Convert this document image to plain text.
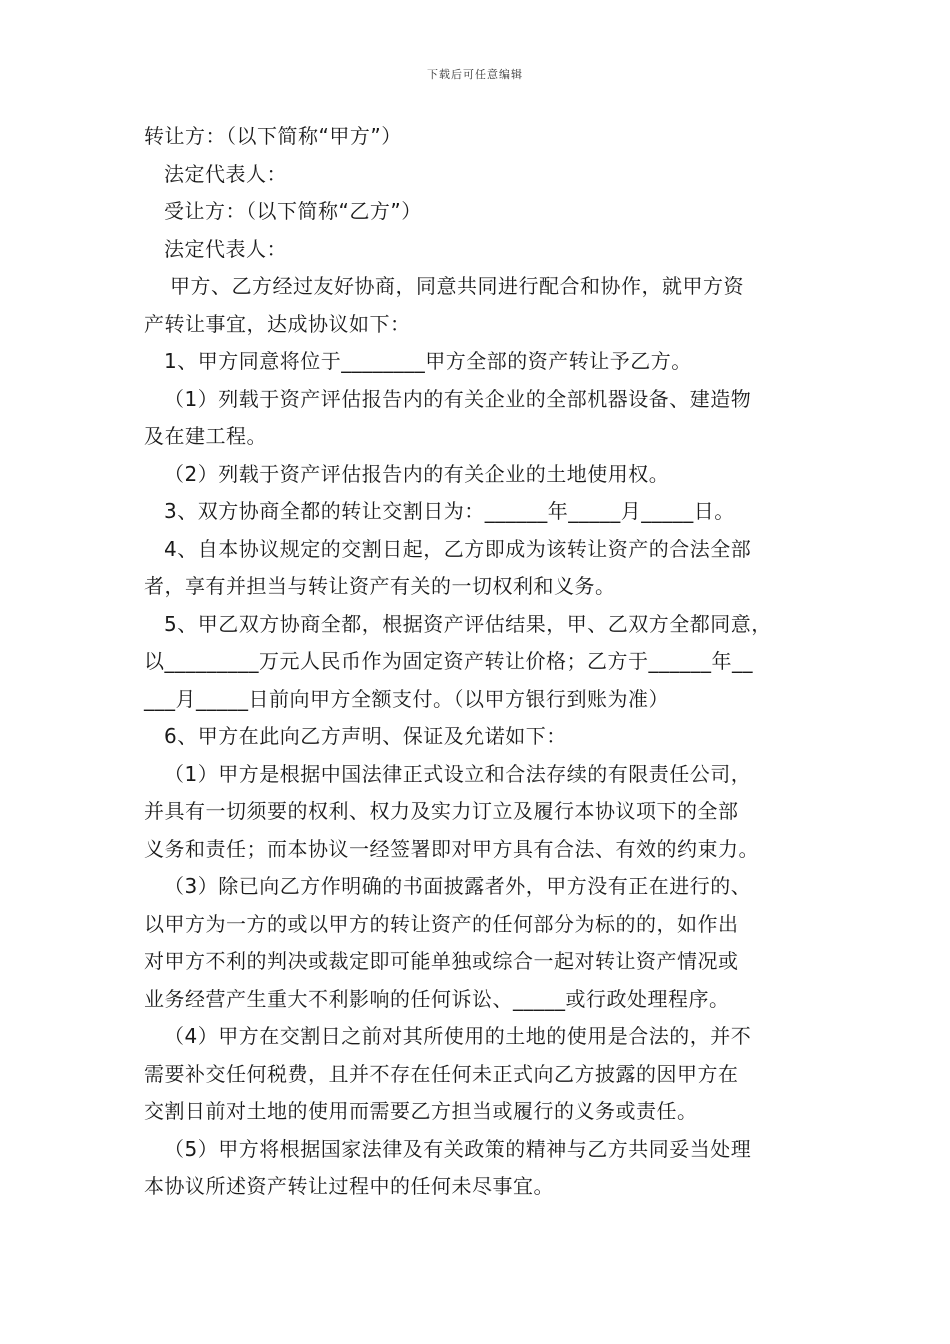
下载后可任意编辑
转让方：（以下简称“甲方”）
法定代表人：
受让方：（以下简称“乙方”）
法定代表人：
甲方、乙方经过友好协商，同意共同进行配合和协作，就甲方资
产转让事宜，达成协议如下：
1、甲方同意将位于________甲方全部的资产转让予乙方。
（1）列载于资产评估报告内的有关企业的全部机器设备、建造物
及在建工程。
（2）列载于资产评估报告内的有关企业的土地使用权。
3、双方协商全都的转让交割日为：______年_____月_____日。
4、自本协议规定的交割日起，乙方即成为该转让资产的合法全部
者，享有并担当与转让资产有关的一切权利和义务。
5、甲乙双方协商全都，根据资产评估结果，甲、乙双方全都同意，
以_________万元人民币作为固定资产转让价格；乙方于______年__
___月_____日前向甲方全额支付。（以甲方银行到账为准）
6、甲方在此向乙方声明、保证及允诺如下：
（1）甲方是根据中国法律正式设立和合法存续的有限责任公司，
并具有一切须要的权利、权力及实力订立及履行本协议项下的全部
义务和责任；而本协议一经签署即对甲方具有合法、有效的约束力。
（3）除已向乙方作明确的书面披露者外，甲方没有正在进行的、
以甲方为一方的或以甲方的转让资产的任何部分为标的的，如作出
对甲方不利的判决或裁定即可能单独或综合一起对转让资产情况或
业务经营产生重大不利影响的任何诉讼、_____或行政处理程序。
（4）甲方在交割日之前对其所使用的土地的使用是合法的，并不
需要补交任何税费，且并不存在任何未正式向乙方披露的因甲方在
交割日前对土地的使用而需要乙方担当或履行的义务或责任。
（5）甲方将根据国家法律及有关政策的精神与乙方共同妥当处理
本协议所述资产转让过程中的任何未尽事宜。
